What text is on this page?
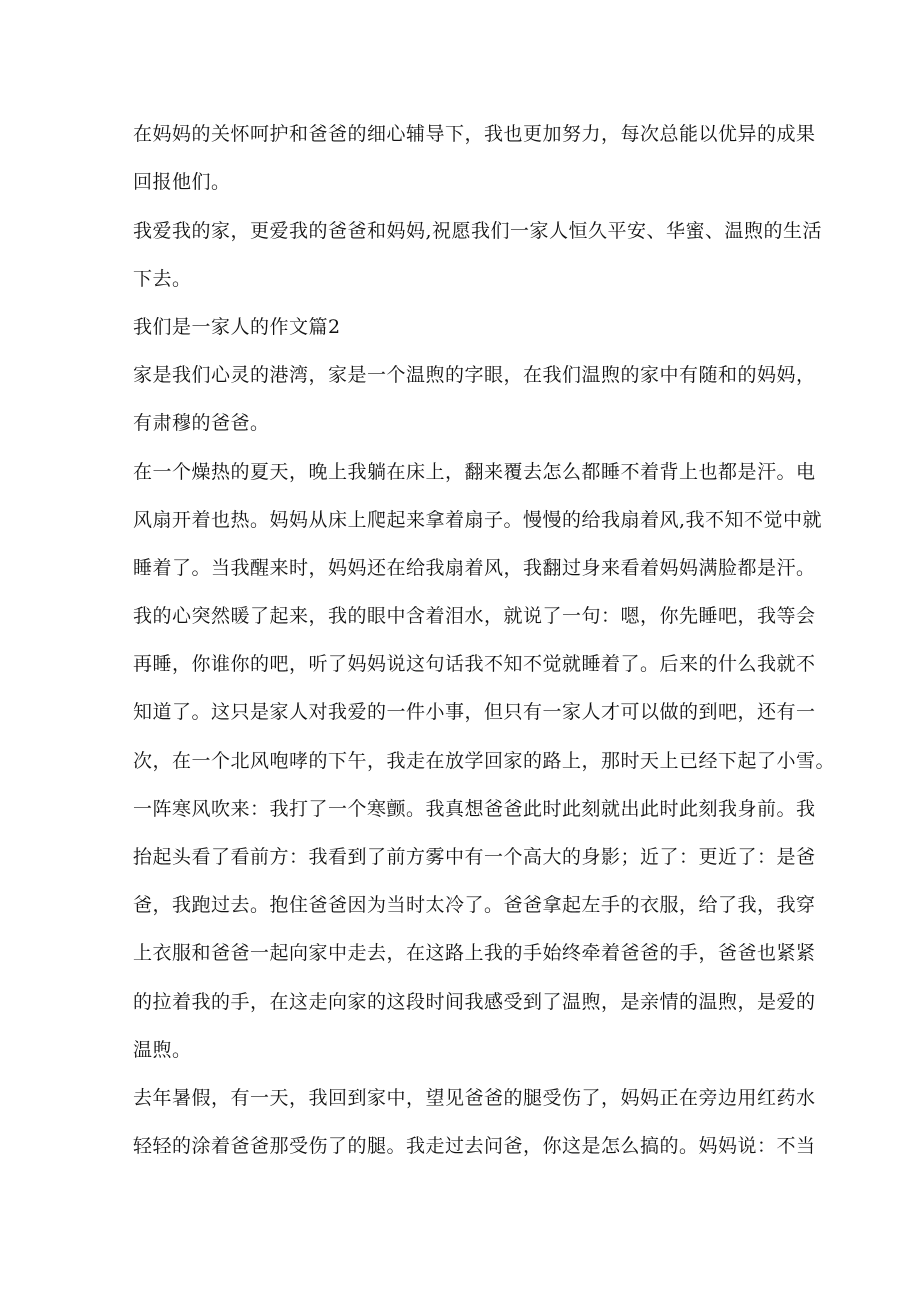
在妈妈的关怀呵护和爸爸的细心辅导下，我也更加努力，每次总能以优异的成果

回报他们。

我爱我的家，更爱我的爸爸和妈妈,祝愿我们一家人恒久平安、华蜜、温煦的生活

下去。

我们是一家人的作文篇2

家是我们心灵的港湾，家是一个温煦的字眼，在我们温煦的家中有随和的妈妈，

有肃穆的爸爸。

在一个燥热的夏天，晚上我躺在床上，翻来覆去怎么都睡不着背上也都是汗。电

风扇开着也热。妈妈从床上爬起来拿着扇子。慢慢的给我扇着风,我不知不觉中就

睡着了。当我醒来时，妈妈还在给我扇着风，我翻过身来看着妈妈满脸都是汗。

我的心突然暖了起来，我的眼中含着泪水，就说了一句：嗯，你先睡吧，我等会

再睡，你谁你的吧，听了妈妈说这句话我不知不觉就睡着了。后来的什么我就不

知道了。这只是家人对我爱的一件小事，但只有一家人才可以做的到吧，还有一

次，在一个北风咆哮的下午，我走在放学回家的路上，那时天上已经下起了小雪。

一阵寒风吹来：我打了一个寒颤。我真想爸爸此时此刻就出此时此刻我身前。我

抬起头看了看前方：我看到了前方雾中有一个高大的身影；近了：更近了：是爸

爸，我跑过去。抱住爸爸因为当时太冷了。爸爸拿起左手的衣服，给了我，我穿

上衣服和爸爸一起向家中走去，在这路上我的手始终牵着爸爸的手，爸爸也紧紧

的拉着我的手，在这走向家的这段时间我感受到了温煦，是亲情的温煦，是爱的

温煦。

去年暑假，有一天，我回到家中，望见爸爸的腿受伤了，妈妈正在旁边用红药水

轻轻的涂着爸爸那受伤了的腿。我走过去问爸，你这是怎么搞的。妈妈说：不当
